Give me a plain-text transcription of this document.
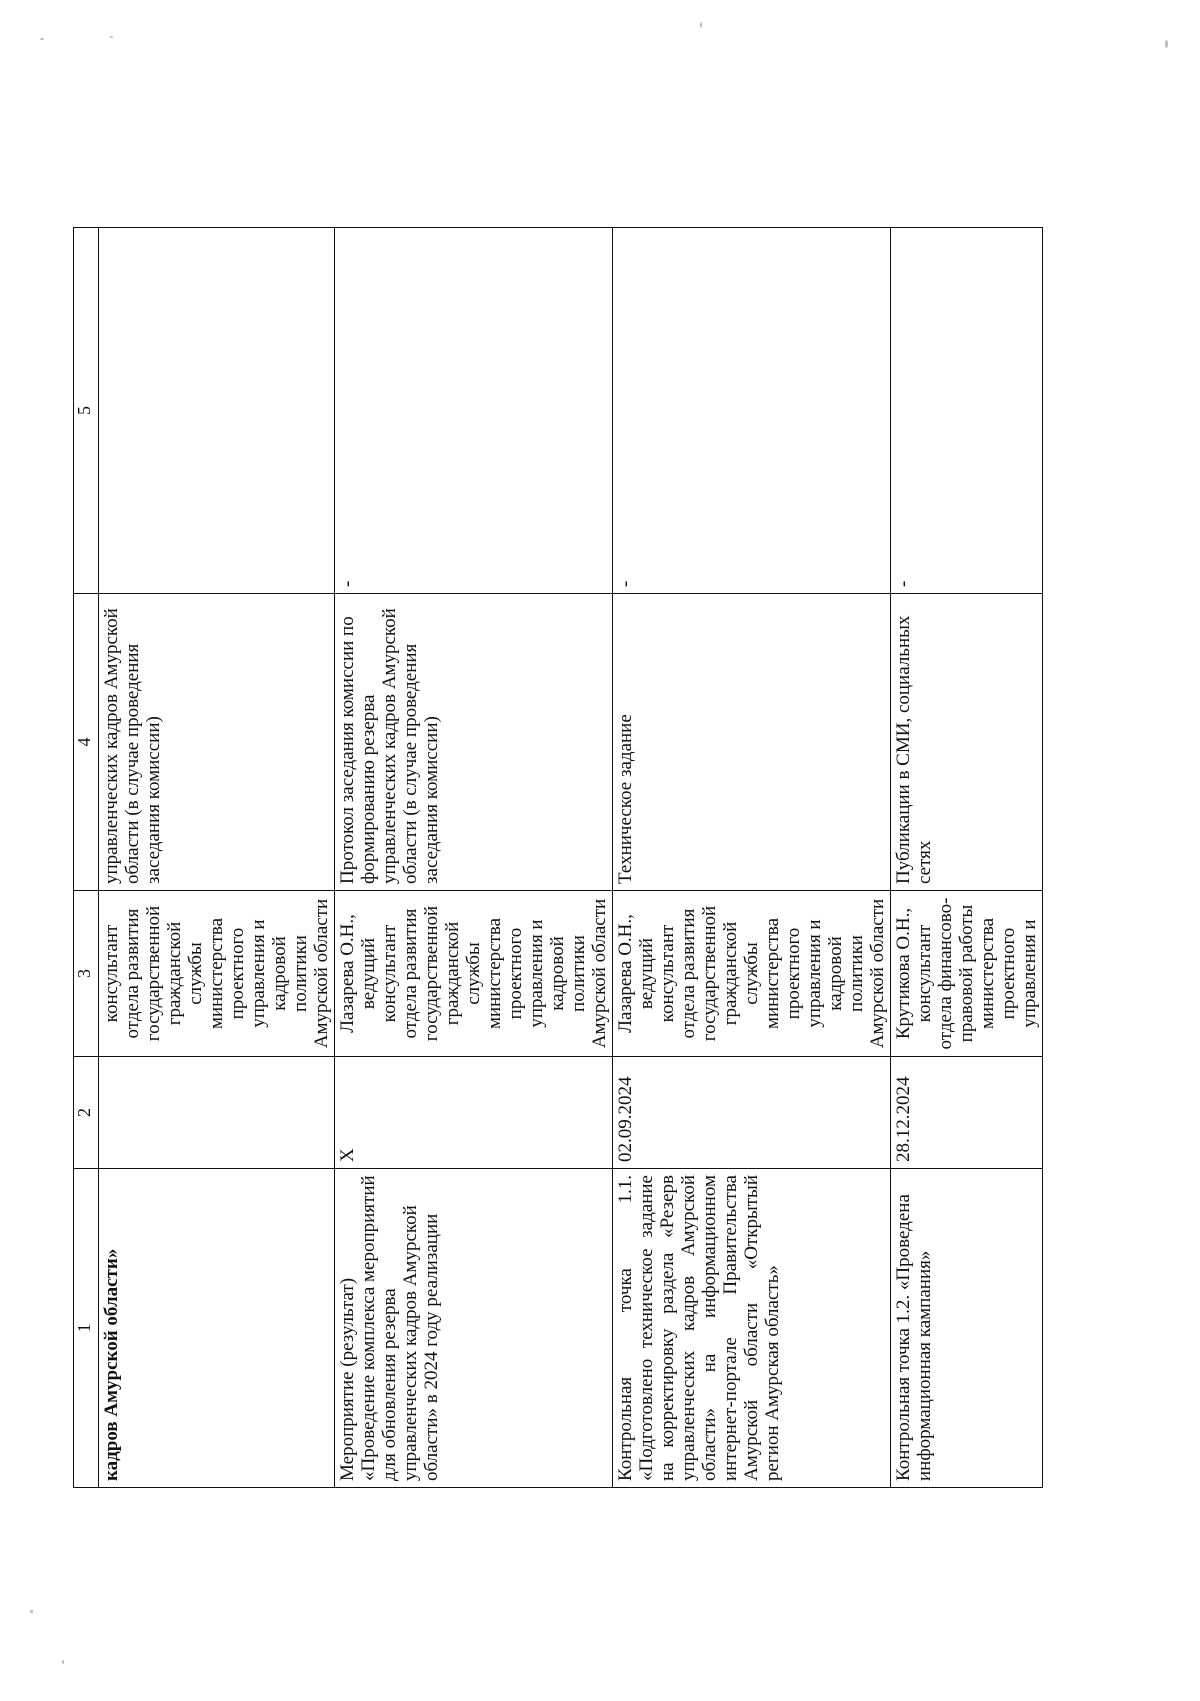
1	2	3	4	5
кадров Амурской области»		консультант отдела развития государственной гражданской службы министерства проектного управления и кадровой политики Амурской области	управленческих кадров Амурской области (в случае проведения заседания комиссии)	
Мероприятие (результат) «Проведение комплекса мероприятий для обновления резерва управленческих кадров Амурской области» в 2024 году реализации	X	Лазарева О.Н., ведущий консультант отдела развития государственной гражданской службы министерства проектного управления и кадровой политики Амурской области	Протокол заседания комиссии по формированию резерва управленческих кадров Амурской области (в случае проведения заседания комиссии)	-
Контрольная точка 1.1. «Подготовлено техническое задание на корректировку раздела «Резерв управленческих кадров Амурской области» на информационном интернет-портале Правительства Амурской области «Открытый регион Амурская область»	02.09.2024	Лазарева О.Н., ведущий консультант отдела развития государственной гражданской службы министерства проектного управления и кадровой политики Амурской области	Техническое задание	-
Контрольная точка 1.2. «Проведена информационная кампания»	28.12.2024	Крутикова О.Н., консультант отдела финансово-правовой работы министерства проектного управления и	Публикации в СМИ, социальных сетях	-
